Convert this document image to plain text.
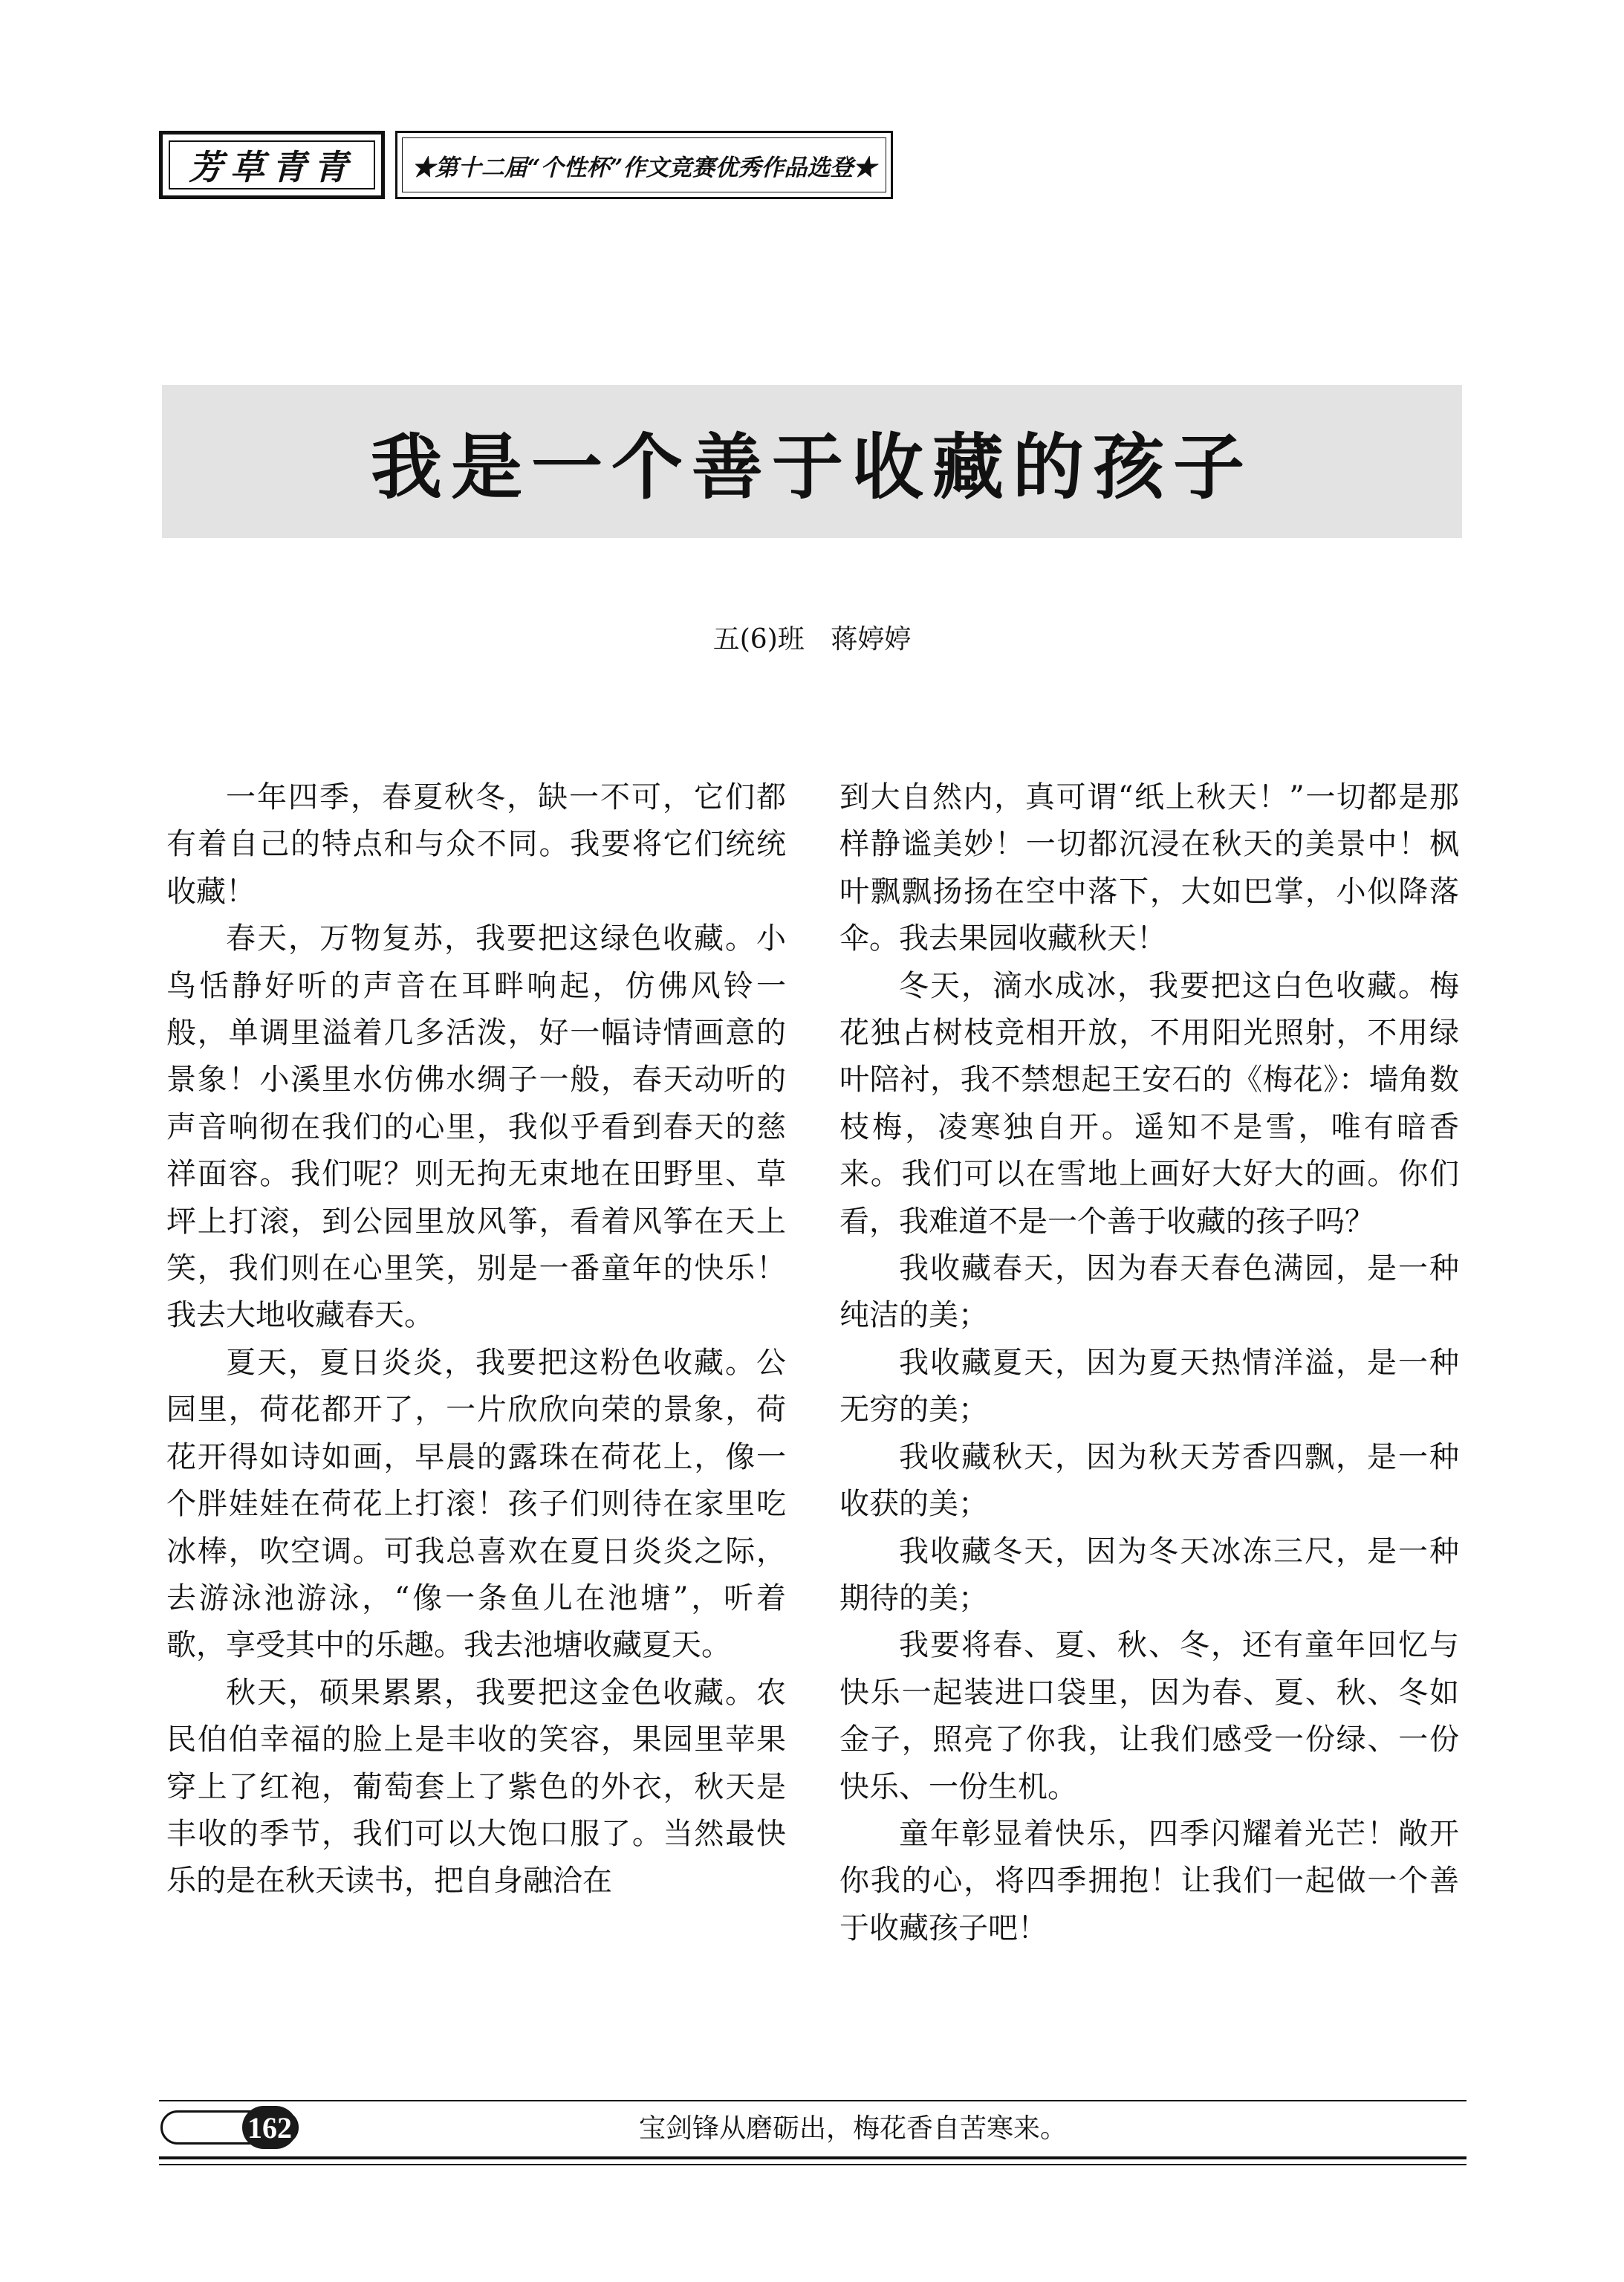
芳草青青 ★第十二届“个性杯”作文竞赛优秀作品选登★
我是一个善于收藏的孩子
五(6)班 蒋婷婷

一年四季，春夏秋冬，缺一不可，它们都有着自己的特点和与众不同。我要将它们统统收藏！

春天，万物复苏，我要把这绿色收藏。小鸟恬静好听的声音在耳畔响起，仿佛风铃一般，单调里溢着几多活泼，好一幅诗情画意的景象！小溪里水仿佛水绸子一般，春天动听的声音响彻在我们的心里，我似乎看到春天的慈祥面容。我们呢？则无拘无束地在田野里、草坪上打滚，到公园里放风筝，看着风筝在天上笑，我们则在心里笑，别是一番童年的快乐！我去大地收藏春天。

夏天，夏日炎炎，我要把这粉色收藏。公园里，荷花都开了，一片欣欣向荣的景象，荷花开得如诗如画，早晨的露珠在荷花上，像一个胖娃娃在荷花上打滚！孩子们则待在家里吃冰棒，吹空调。可我总喜欢在夏日炎炎之际，去游泳池游泳，“像一条鱼儿在池塘”，听着歌，享受其中的乐趣。我去池塘收藏夏天。

秋天，硕果累累，我要把这金色收藏。农民伯伯幸福的脸上是丰收的笑容，果园里苹果穿上了红袍，葡萄套上了紫色的外衣，秋天是丰收的季节，我们可以大饱口服了。当然最快乐的是在秋天读书，把自身融洽在

到大自然内，真可谓“纸上秋天！”一切都是那样静谧美妙！一切都沉浸在秋天的美景中！枫叶飘飘扬扬在空中落下，大如巴掌，小似降落伞。我去果园收藏秋天！

冬天，滴水成冰，我要把这白色收藏。梅花独占树枝竞相开放，不用阳光照射，不用绿叶陪衬，我不禁想起王安石的《梅花》：墙角数枝梅，凌寒独自开。遥知不是雪，唯有暗香来。我们可以在雪地上画好大好大的画。你们看，我难道不是一个善于收藏的孩子吗？

我收藏春天，因为春天春色满园，是一种纯洁的美；

我收藏夏天，因为夏天热情洋溢，是一种无穷的美；

我收藏秋天，因为秋天芳香四飘，是一种收获的美；

我收藏冬天，因为冬天冰冻三尺，是一种期待的美；

我要将春、夏、秋、冬，还有童年回忆与快乐一起装进口袋里，因为春、夏、秋、冬如金子，照亮了你我，让我们感受一份绿、一份快乐、一份生机。

童年彰显着快乐，四季闪耀着光芒！敞开你我的心，将四季拥抱！让我们一起做一个善于收藏孩子吧！

162	宝剑锋从磨砺出，梅花香自苦寒来。
